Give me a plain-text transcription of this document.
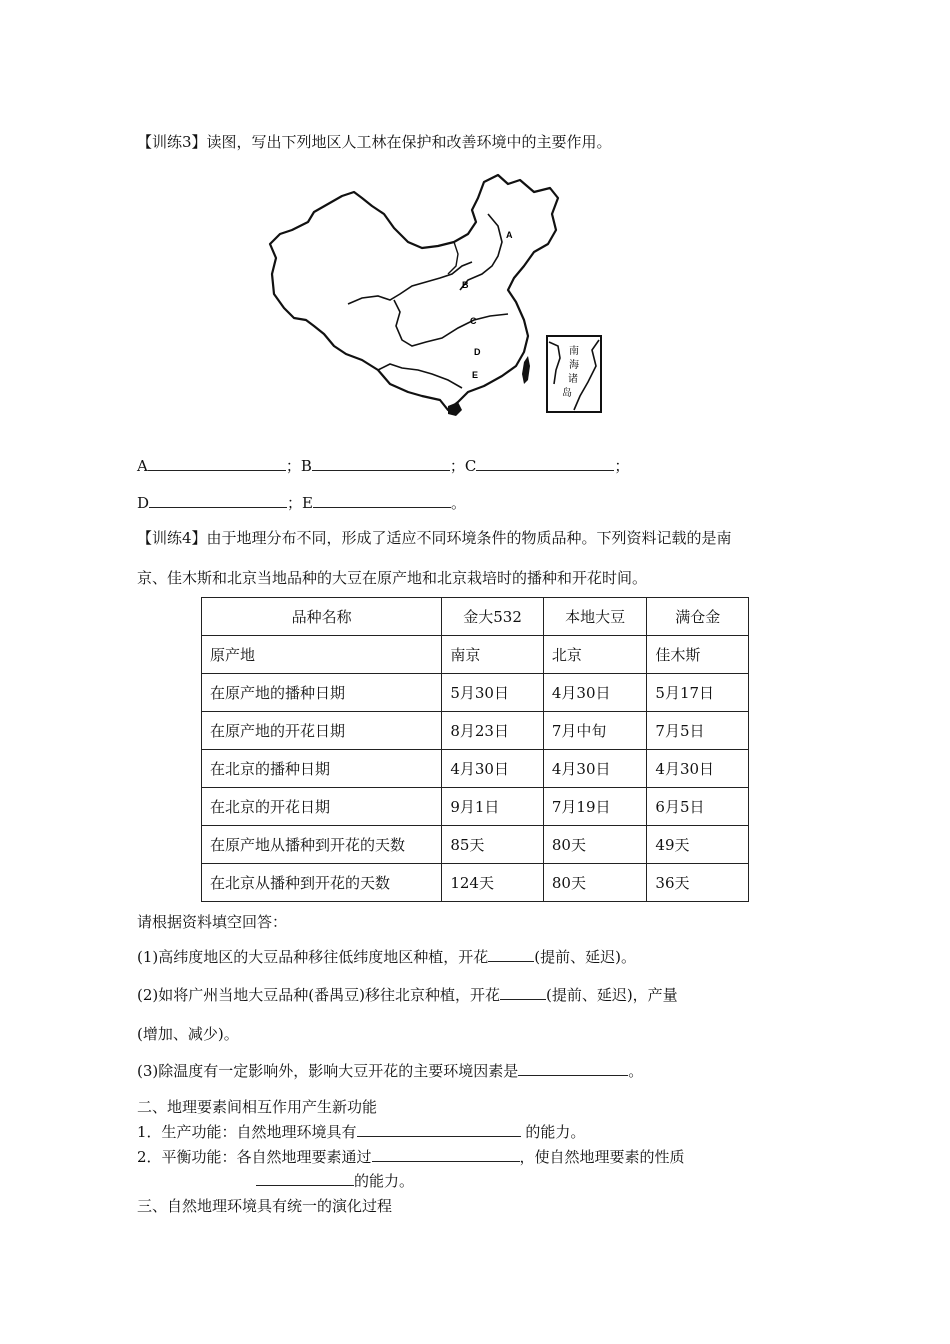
【训练3】读图，写出下列地区人工林在保护和改善环境中的主要作用。
A
B
C
D
E
南
海
诸
岛
A	；B	；C	；
D	；E	。
【训练4】由于地理分布不同，形成了适应不同环境条件的物质品种。下列资料记载的是南
京、佳木斯和北京当地品种的大豆在原产地和北京栽培时的播种和开花时间。
品种名称	金大532	本地大豆	满仓金
原产地	南京	北京	佳木斯
在原产地的播种日期	5月30日	4月30日	5月17日
在原产地的开花日期	8月23日	7月中旬	7月5日
在北京的播种日期	4月30日	4月30日	4月30日
在北京的开花日期	9月1日	7月19日	6月5日
在原产地从播种到开花的天数	85天	80天	49天
在北京从播种到开花的天数	124天	80天	36天
请根据资料填空回答：
(1)高纬度地区的大豆品种移往低纬度地区种植，开花	(提前、延迟)。
(2)如将广州当地大豆品种(番禺豆)移往北京种植，开花	(提前、延迟)，产量
(增加、减少)。
(3)除温度有一定影响外，影响大豆开花的主要环境因素是	。
二、地理要素间相互作用产生新功能
1．生产功能：自然地理环境具有	的能力。
2．平衡功能：各自然地理要素通过	，使自然地理要素的性质
的能力。
三、自然地理环境具有统一的演化过程
